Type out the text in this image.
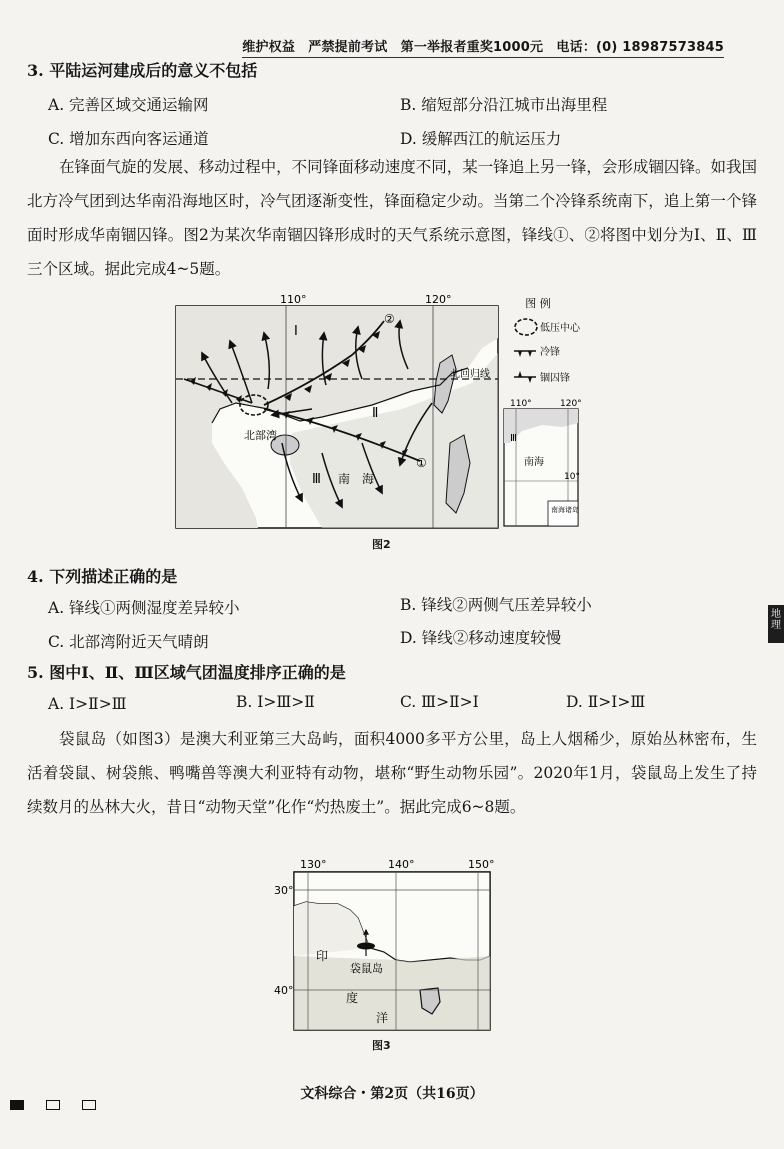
维护权益　严禁提前考试　第一举报者重奖1000元　电话：(0) 18987573845
3. 平陆运河建成后的意义不包括
A. 完善区域交通运输网	B. 缩短部分沿江城市出海里程
C. 增加东西向客运通道	D. 缓解西江的航运压力
在锋面气旋的发展、移动过程中，不同锋面移动速度不同，某一锋追上另一锋，会形成锢囚锋。如我国北方冷气团到达华南沿海地区时，冷气团逐渐变性，锋面稳定少动。当第二个冷锋系统南下，追上第一个锋面时形成华南锢囚锋。图2为某次华南锢囚锋形成时的天气系统示意图，锋线①、②将图中划分为Ⅰ、Ⅱ、Ⅲ三个区域。据此完成4~5题。
110°	120°
Ⅰ
Ⅱ
Ⅲ
①
②
北部湾
南　海
北回归线
图 例
低压中心
冷锋
锢囚锋
110°	120°
10°
Ⅲ
南海
南海诸岛
图2
4. 下列描述正确的是
A. 锋线①两侧湿度差异较小	B. 锋线②两侧气压差异较小
C. 北部湾附近天气晴朗	D. 锋线②移动速度较慢
5. 图中Ⅰ、Ⅱ、Ⅲ区域气团温度排序正确的是
A. Ⅰ>Ⅱ>Ⅲ	B. Ⅰ>Ⅲ>Ⅱ	C. Ⅲ>Ⅱ>Ⅰ	D. Ⅱ>Ⅰ>Ⅲ
袋鼠岛（如图3）是澳大利亚第三大岛屿，面积4000多平方公里，岛上人烟稀少，原始丛林密布，生活着袋鼠、树袋熊、鸭嘴兽等澳大利亚特有动物，堪称“野生动物乐园”。2020年1月，袋鼠岛上发生了持续数月的丛林大火，昔日“动物天堂”化作“灼热废土”。据此完成6~8题。
130°	140°	150°
30°
40°
袋鼠岛
印
度
洋
图3
文科综合・第2页（共16页）
地理
